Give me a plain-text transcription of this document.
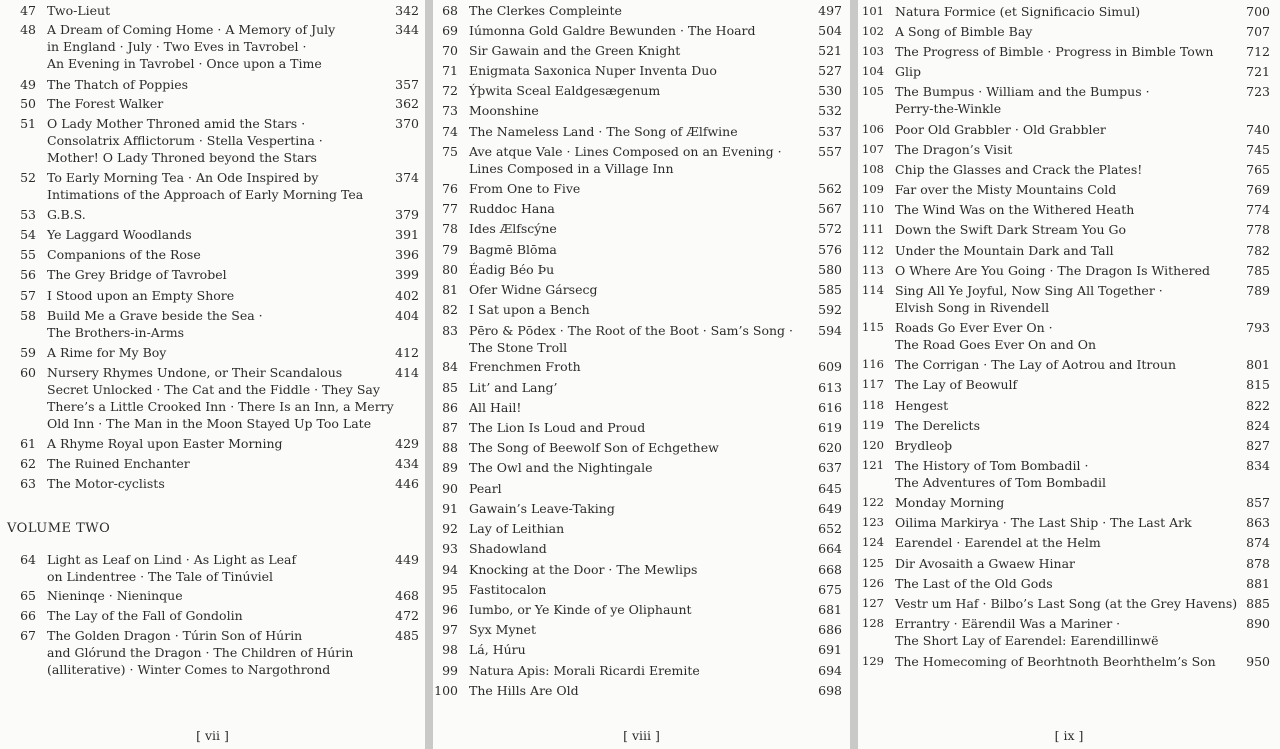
47 Two-Lieut	342
48 A Dream of Coming Home · A Memory of July
in England · July · Two Eves in Tavrobel ·
An Evening in Tavrobel · Once upon a Time
344
49 The Thatch of Poppies	357
50 The Forest Walker	362
51 O Lady Mother Throned amid the Stars ·
Consolatrix Afflictorum · Stella Vespertina ·
Mother! O Lady Throned beyond the Stars
370
52 To Early Morning Tea · An Ode Inspired by
Intimations of the Approach of Early Morning Tea
374
53 G.B.S.	379
54 Ye Laggard Woodlands	391
55 Companions of the Rose	396
56 The Grey Bridge of Tavrobel	399
57 I Stood upon an Empty Shore	402
58 Build Me a Grave beside the Sea ·
The Brothers-in-Arms
404
59 A Rime for My Boy	412
60 Nursery Rhymes Undone, or Their Scandalous
Secret Unlocked · The Cat and the Fiddle · They Say
There’s a Little Crooked Inn · There Is an Inn, a Merry
Old Inn · The Man in the Moon Stayed Up Too Late
414
61 A Rhyme Royal upon Easter Morning	429
62 The Ruined Enchanter	434
63 The Motor-cyclists	446
64 Light as Leaf on Lind · As Light as Leaf
on Lindentree · The Tale of Tinúviel
449
65 Nieninqe · Nieninque	468
66 The Lay of the Fall of Gondolin	472
67 The Golden Dragon · Túrin Son of Húrin
and Glórund the Dragon · The Children of Húrin
(alliterative) · Winter Comes to Nargothrond
485
VOLUME TWO
[ vii ]
68 The Clerkes Compleinte	497
69 Iúmonna Gold Galdre Bewunden · The Hoard	504
70 Sir Gawain and the Green Knight	521
71 Enigmata Saxonica Nuper Inventa Duo	527
72 Ýþwita Sceal Ealdgesægenum	530
73 Moonshine	532
74 The Nameless Land · The Song of Ælfwine	537
75 Ave atque Vale · Lines Composed on an Evening ·
Lines Composed in a Village Inn
557
76 From One to Five	562
77 Ruddoc Hana	567
78 Ides Ælfscýne	572
79 Bagmē Blōma	576
80 Éadig Béo Þu	580
81 Ofer Widne Gársecg	585
82 I Sat upon a Bench	592
83 Pēro & Pōdex · The Root of the Boot · Sam’s Song ·
The Stone Troll
594
84 Frenchmen Froth	609
85 Lit’ and Lang’	613
86 All Hail!	616
87 The Lion Is Loud and Proud	619
88 The Song of Beewolf Son of Echgethew	620
89 The Owl and the Nightingale	637
90 Pearl	645
91 Gawain’s Leave-Taking	649
92 Lay of Leithian	652
93 Shadowland	664
94 Knocking at the Door · The Mewlips	668
95 Fastitocalon	675
96 Iumbo, or Ye Kinde of ye Oliphaunt	681
97 Syx Mynet	686
98 Lá, Húru	691
99 Natura Apis: Morali Ricardi Eremite	694
100 The Hills Are Old	698
[ viii ]
101 Natura Formice (et Significacio Simul)	700
102 A Song of Bimble Bay	707
103 The Progress of Bimble · Progress in Bimble Town	712
104 Glip	721
105 The Bumpus · William and the Bumpus ·
Perry-the-Winkle
723
106 Poor Old Grabbler · Old Grabbler	740
107 The Dragon’s Visit	745
108 Chip the Glasses and Crack the Plates!	765
109 Far over the Misty Mountains Cold	769
110 The Wind Was on the Withered Heath	774
111 Down the Swift Dark Stream You Go	778
112 Under the Mountain Dark and Tall	782
113 O Where Are You Going · The Dragon Is Withered	785
114 Sing All Ye Joyful, Now Sing All Together ·
Elvish Song in Rivendell
789
115 Roads Go Ever Ever On ·
The Road Goes Ever On and On
793
116 The Corrigan · The Lay of Aotrou and Itroun	801
117 The Lay of Beowulf	815
118 Hengest	822
119 The Derelicts	824
120 Brydleoþ	827
121 The History of Tom Bombadil ·
The Adventures of Tom Bombadil
834
122 Monday Morning	857
123 Oilima Markirya · The Last Ship · The Last Ark	863
124 Earendel · Earendel at the Helm	874
125 Dir Avosaith a Gwaew Hinar	878
126 The Last of the Old Gods	881
127 Vestr um Haf · Bilbo’s Last Song (at the Grey Havens) 885
128 Errantry · Eärendil Was a Mariner ·
The Short Lay of Earendel: Earendillinwë
890
129 The Homecoming of Beorhtnoth Beorhthelm’s Son 950
[ ix ]
